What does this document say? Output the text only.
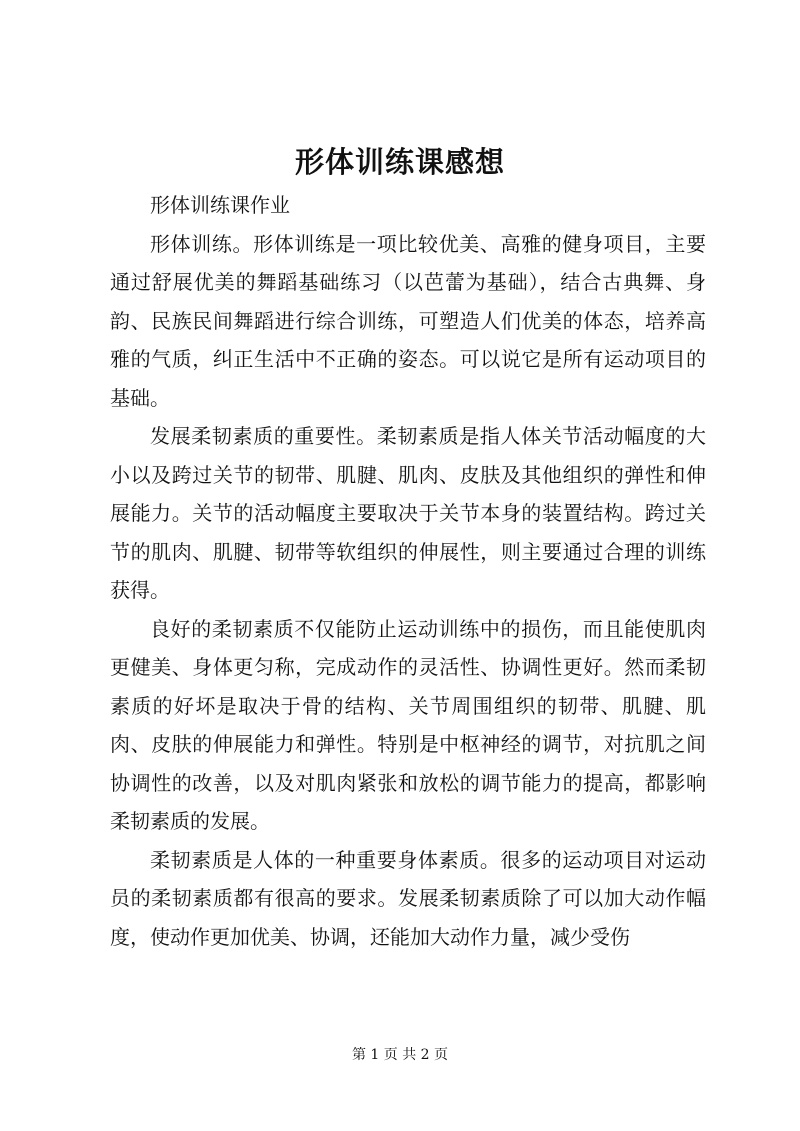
形体训练课感想

形体训练课作业

形体训练。形体训练是一项比较优美、高雅的健身项目，主要通过舒展优美的舞蹈基础练习（以芭蕾为基础），结合古典舞、身韵、民族民间舞蹈进行综合训练，可塑造人们优美的体态，培养高雅的气质，纠正生活中不正确的姿态。可以说它是所有运动项目的基础。

发展柔韧素质的重要性。柔韧素质是指人体关节活动幅度的大小以及跨过关节的韧带、肌腱、肌肉、皮肤及其他组织的弹性和伸展能力。关节的活动幅度主要取决于关节本身的装置结构。跨过关节的肌肉、肌腱、韧带等软组织的伸展性，则主要通过合理的训练获得。

良好的柔韧素质不仅能防止运动训练中的损伤，而且能使肌肉更健美、身体更匀称，完成动作的灵活性、协调性更好。然而柔韧素质的好坏是取决于骨的结构、关节周围组织的韧带、肌腱、肌肉、皮肤的伸展能力和弹性。特别是中枢神经的调节，对抗肌之间协调性的改善，以及对肌肉紧张和放松的调节能力的提高，都影响柔韧素质的发展。

柔韧素质是人体的一种重要身体素质。很多的运动项目对运动员的柔韧素质都有很高的要求。发展柔韧素质除了可以加大动作幅度，使动作更加优美、协调，还能加大动作力量，减少受伤

第 1 页 共 2 页
